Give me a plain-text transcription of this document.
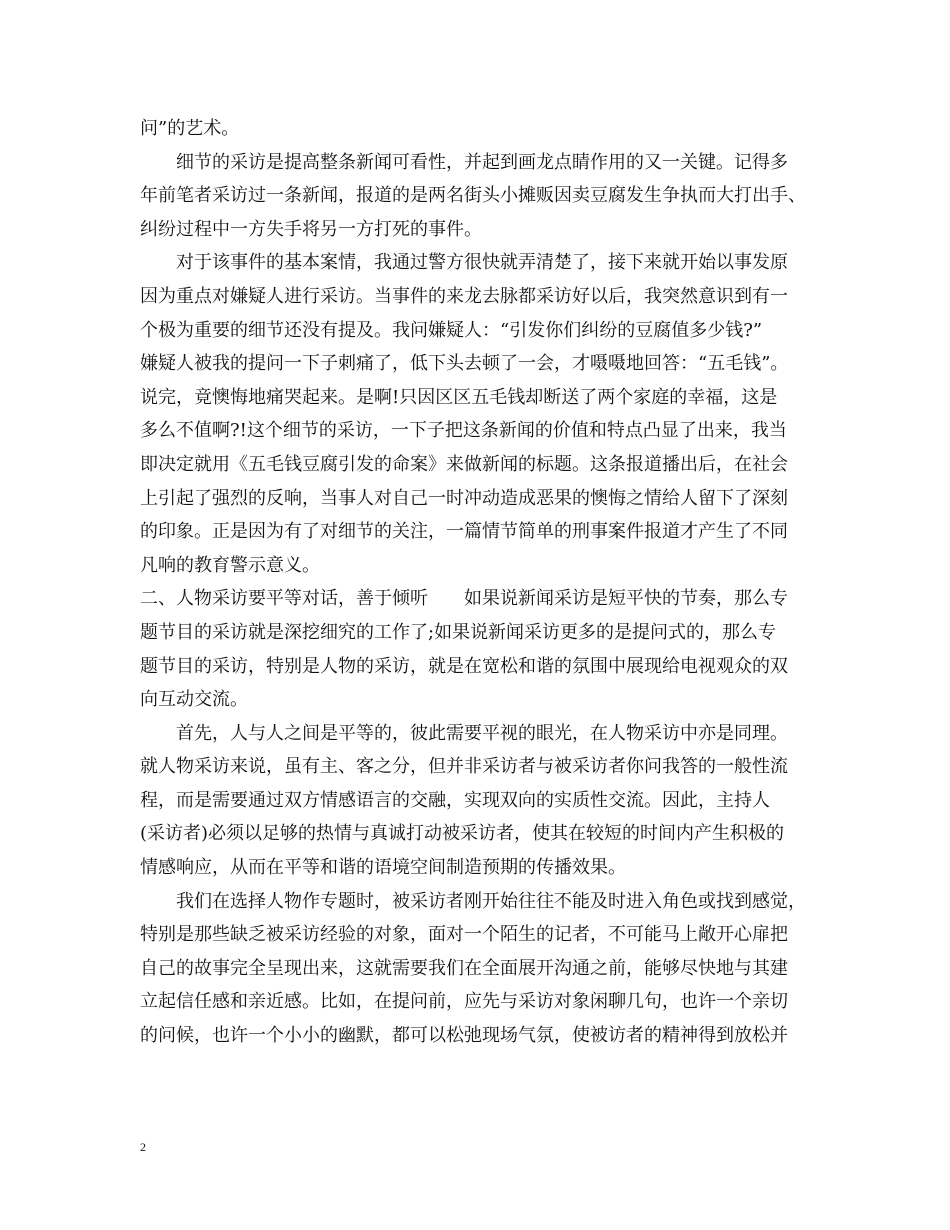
问”的艺术。
细节的采访是提高整条新闻可看性，并起到画龙点睛作用的又一关键。记得多
年前笔者采访过一条新闻，报道的是两名街头小摊贩因卖豆腐发生争执而大打出手、
纠纷过程中一方失手将另一方打死的事件。
对于该事件的基本案情，我通过警方很快就弄清楚了，接下来就开始以事发原
因为重点对嫌疑人进行采访。当事件的来龙去脉都采访好以后，我突然意识到有一
个极为重要的细节还没有提及。我问嫌疑人：“引发你们纠纷的豆腐值多少钱?”
嫌疑人被我的提问一下子刺痛了，低下头去顿了一会，才嗫嗫地回答：“五毛钱”。
说完，竟懊悔地痛哭起来。是啊!只因区区五毛钱却断送了两个家庭的幸福，这是
多么不值啊?!这个细节的采访，一下子把这条新闻的价值和特点凸显了出来，我当
即决定就用《五毛钱豆腐引发的命案》来做新闻的标题。这条报道播出后，在社会
上引起了强烈的反响，当事人对自己一时冲动造成恶果的懊悔之情给人留下了深刻
的印象。正是因为有了对细节的关注，一篇情节简单的刑事案件报道才产生了不同
凡响的教育警示意义。
二、人物采访要平等对话，善于倾听　　如果说新闻采访是短平快的节奏，那么专
题节目的采访就是深挖细究的工作了;如果说新闻采访更多的是提问式的，那么专
题节目的采访，特别是人物的采访，就是在宽松和谐的氛围中展现给电视观众的双
向互动交流。
首先，人与人之间是平等的，彼此需要平视的眼光，在人物采访中亦是同理。
就人物采访来说，虽有主、客之分，但并非采访者与被采访者你问我答的一般性流
程，而是需要通过双方情感语言的交融，实现双向的实质性交流。因此，主持人
(采访者)必须以足够的热情与真诚打动被采访者，使其在较短的时间内产生积极的
情感响应，从而在平等和谐的语境空间制造预期的传播效果。
我们在选择人物作专题时，被采访者刚开始往往不能及时进入角色或找到感觉，
特别是那些缺乏被采访经验的对象，面对一个陌生的记者，不可能马上敞开心扉把
自己的故事完全呈现出来，这就需要我们在全面展开沟通之前，能够尽快地与其建
立起信任感和亲近感。比如，在提问前，应先与采访对象闲聊几句，也许一个亲切
的问候，也许一个小小的幽默，都可以松弛现场气氛，使被访者的精神得到放松并
2
